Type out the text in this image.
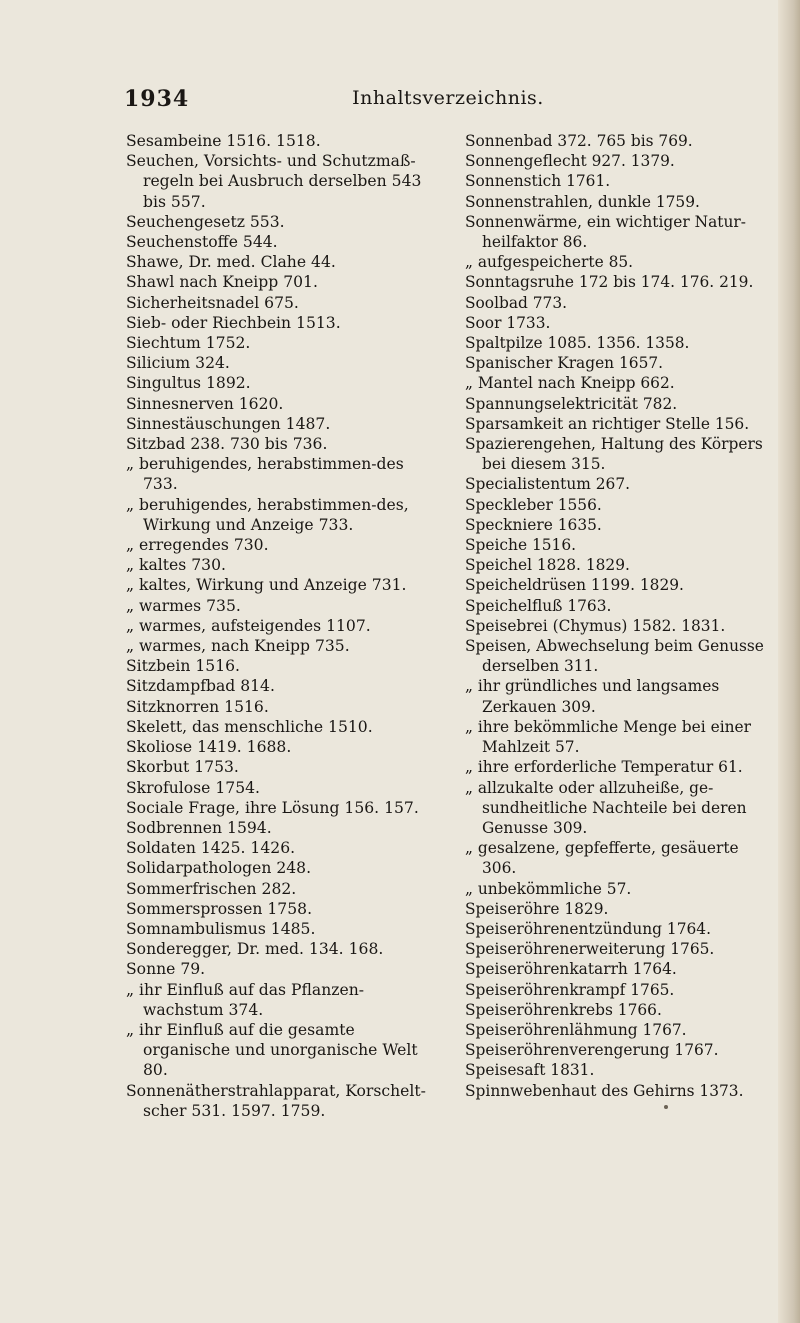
1934	Inhaltsverzeichnis.

Sesambeine 1516. 1518.

Seuchen, Vorsichts- und Schutzmaß-regeln bei Ausbruch derselben 543 bis 557.

Seuchengesetz 553.

Seuchenstoffe 544.

Shawe, Dr. med. Clahe 44.

Shawl nach Kneipp 701.

Sicherheitsnadel 675.

Sieb- oder Riechbein 1513.

Siechtum 1752.

Silicium 324.

Singultus 1892.

Sinnesnerven 1620.

Sinnestäuschungen 1487.

Sitzbad 238. 730 bis 736.

„ beruhigendes, herabstimmen-des 733.

„ beruhigendes, herabstimmen-des, Wirkung und Anzeige 733.

„ erregendes 730.

„ kaltes 730.

„ kaltes, Wirkung und Anzeige 731.

„ warmes 735.

„ warmes, aufsteigendes 1107.

„ warmes, nach Kneipp 735.

Sitzbein 1516.

Sitzdampfbad 814.

Sitzknorren 1516.

Skelett, das menschliche 1510.

Skoliose 1419. 1688.

Skorbut 1753.

Skrofulose 1754.

Sociale Frage, ihre Lösung 156. 157.

Sodbrennen 1594.

Soldaten 1425. 1426.

Solidarpathologen 248.

Sommerfrischen 282.

Sommersprossen 1758.

Somnambulismus 1485.

Sonderegger, Dr. med. 134. 168.

Sonne 79.

„ ihr Einfluß auf das Pflanzen-wachstum 374.

„ ihr Einfluß auf die gesamte organische und unorganische Welt 80.

Sonnenätherstrahlapparat, Korschelt-scher 531. 1597. 1759.

Sonnenbad 372. 765 bis 769.

Sonnengeflecht 927. 1379.

Sonnenstich 1761.

Sonnenstrahlen, dunkle 1759.

Sonnenwärme, ein wichtiger Natur-heilfaktor 86.

„ aufgespeicherte 85.

Sonntagsruhe 172 bis 174. 176. 219.

Soolbad 773.

Soor 1733.

Spaltpilze 1085. 1356. 1358.

Spanischer Kragen 1657.

„ Mantel nach Kneipp 662.

Spannungselektricität 782.

Sparsamkeit an richtiger Stelle 156.

Spazierengehen, Haltung des Körpers bei diesem 315.

Specialistentum 267.

Speckleber 1556.

Speckniere 1635.

Speiche 1516.

Speichel 1828. 1829.

Speicheldrüsen 1199. 1829.

Speichelfluß 1763.

Speisebrei (Chymus) 1582. 1831.

Speisen, Abwechselung beim Genusse derselben 311.

„ ihr gründliches und langsames Zerkauen 309.

„ ihre bekömmliche Menge bei einer Mahlzeit 57.

„ ihre erforderliche Temperatur 61.

„ allzukalte oder allzuheiße, ge-sundheitliche Nachteile bei deren Genusse 309.

„ gesalzene, gepfefferte, gesäuerte 306.

„ unbekömmliche 57.

Speiseröhre 1829.

Speiseröhrenentzündung 1764.

Speiseröhrenerweiterung 1765.

Speiseröhrenkatarrh 1764.

Speiseröhrenkrampf 1765.

Speiseröhrenkrebs 1766.

Speiseröhrenlähmung 1767.

Speiseröhrenverengerung 1767.

Speisesaft 1831.

Spinnwebenhaut des Gehirns 1373.
